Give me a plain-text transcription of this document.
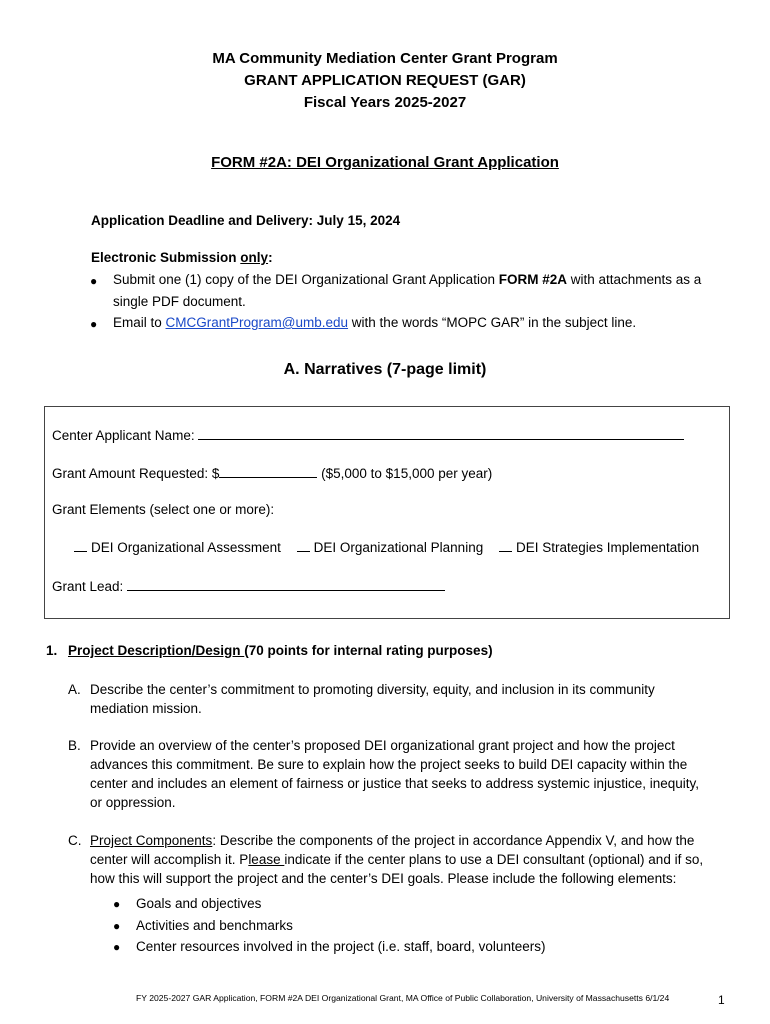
MA Community Mediation Center Grant Program
GRANT APPLICATION REQUEST (GAR)
Fiscal Years 2025-2027
FORM #2A: DEI Organizational Grant Application
Application Deadline and Delivery: July 15, 2024
Electronic Submission only:
● Submit one (1) copy of the DEI Organizational Grant Application FORM #2A with attachments as a
single PDF document.
● Email to CMCGrantProgram@umb.edu with the words “MOPC GAR” in the subject line.
A. Narratives (7-page limit)
Center Applicant Name:
Grant Amount Requested: $	($5,000 to $15,000 per year)
Grant Elements (select one or more):
DEI Organizational Assessment DEI Organizational Planning DEI Strategies Implementation
Grant Lead:
1. Project Description/Design (70 points for internal rating purposes)
A. Describe the center’s commitment to promoting diversity, equity, and inclusion in its community
mediation mission.
B. Provide an overview of the center’s proposed DEI organizational grant project and how the project
advances this commitment. Be sure to explain how the project seeks to build DEI capacity within the
center and includes an element of fairness or justice that seeks to address systemic injustice, inequity,
or oppression.
C. Project Components: Describe the components of the project in accordance Appendix V, and how the
center will accomplish it. Please indicate if the center plans to use a DEI consultant (optional) and if so,
how this will support the project and the center’s DEI goals. Please include the following elements:
● Goals and objectives
● Activities and benchmarks
● Center resources involved in the project (i.e. staff, board, volunteers)
FY 2025-2027 GAR Application, FORM #2A DEI Organizational Grant, MA Office of Public Collaboration, University of Massachusetts 6/1/24	1
